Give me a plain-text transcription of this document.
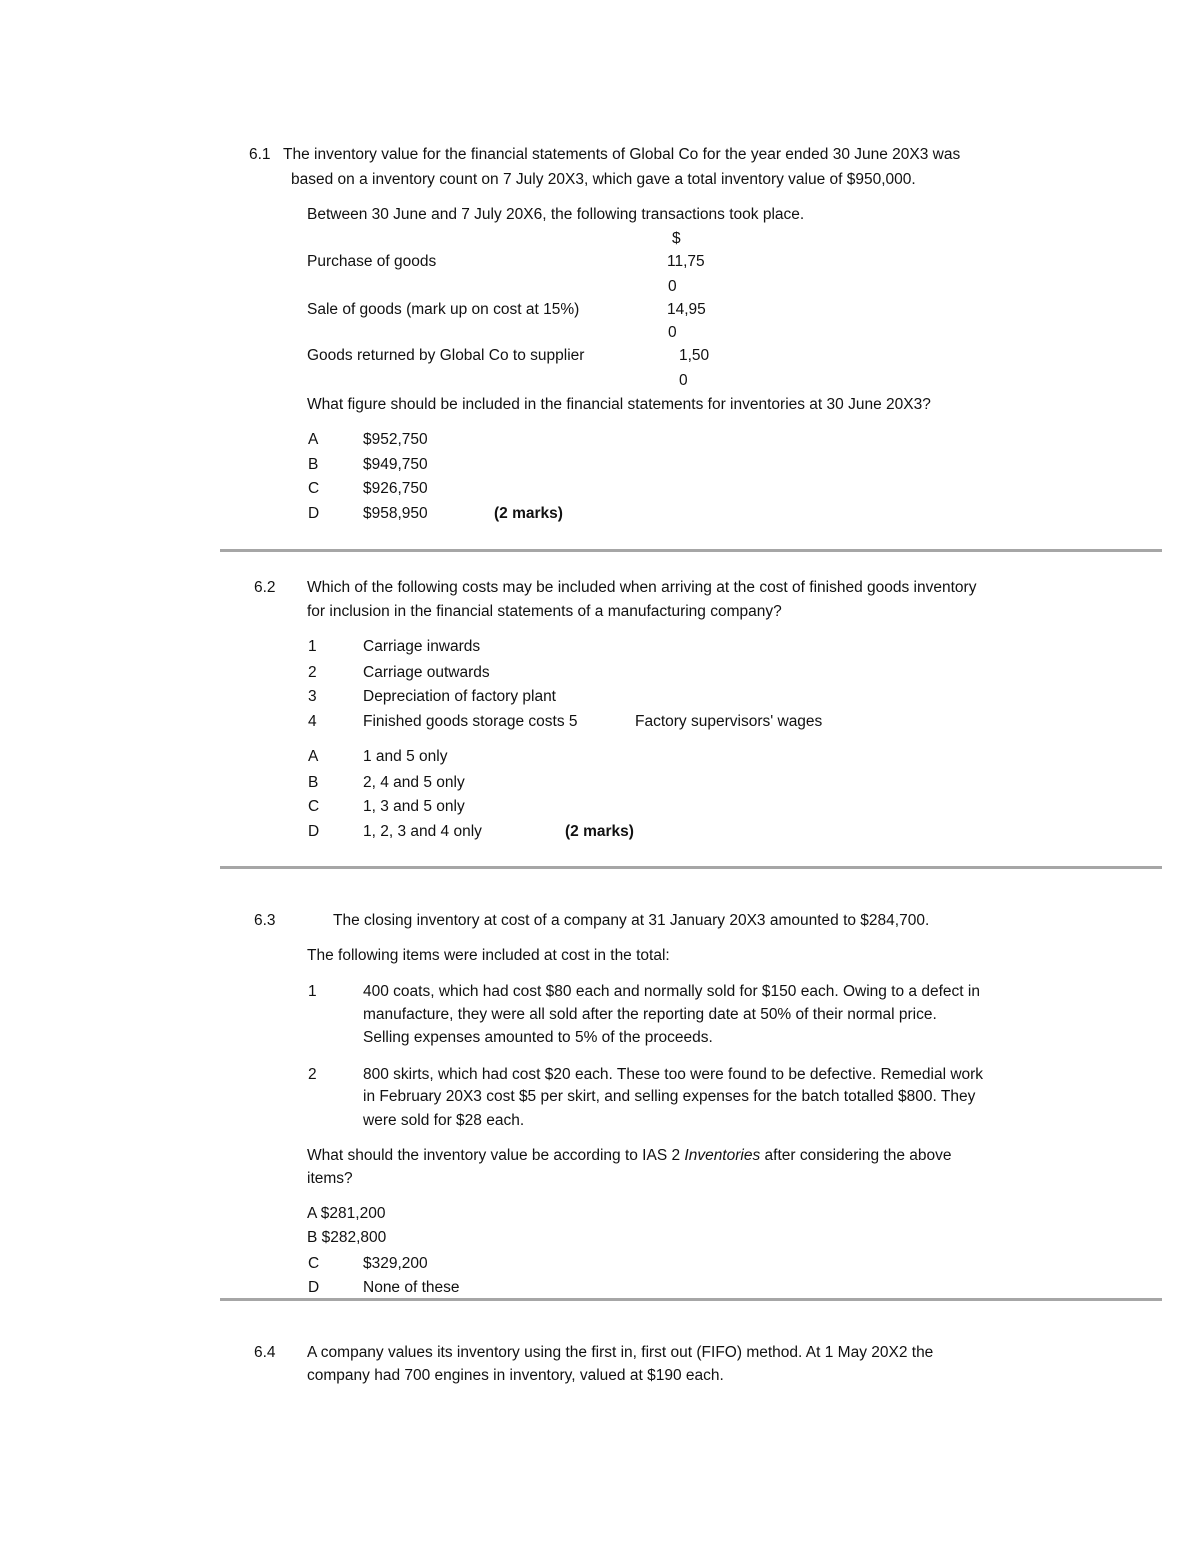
6.1 The inventory value for the financial statements of Global Co for the year ended 30 June 20X3 was
based on a inventory count on 7 July 20X3, which gave a total inventory value of $950,000.
Between 30 June and 7 July 20X6, the following transactions took place.
$
Purchase of goods	11,75
0
Sale of goods (mark up on cost at 15%)	14,95
0
Goods returned by Global Co to supplier	1,50
0
What figure should be included in the financial statements for inventories at 30 June 20X3?
A	$952,750
B	$949,750
C	$926,750
D	$958,950	(2 marks)
6.2 Which of the following costs may be included when arriving at the cost of finished goods inventory
for inclusion in the financial statements of a manufacturing company?
1	Carriage inwards
2	Carriage outwards
3	Depreciation of factory plant
4	Finished goods storage costs 5	Factory supervisors' wages
A	1 and 5 only
B	2, 4 and 5 only
C	1, 3 and 5 only
D	1, 2, 3 and 4 only	(2 marks)
6.3	The closing inventory at cost of a company at 31 January 20X3 amounted to $284,700.
The following items were included at cost in the total:
1	400 coats, which had cost $80 each and normally sold for $150 each. Owing to a defect in
manufacture, they were all sold after the reporting date at 50% of their normal price.
Selling expenses amounted to 5% of the proceeds.
2	800 skirts, which had cost $20 each. These too were found to be defective. Remedial work
in February 20X3 cost $5 per skirt, and selling expenses for the batch totalled $800. They
were sold for $28 each.
What should the inventory value be according to IAS 2 Inventories after considering the above
items?
A $281,200
B $282,800
C	$329,200
D	None of these
6.4 A company values its inventory using the first in, first out (FIFO) method. At 1 May 20X2 the
company had 700 engines in inventory, valued at $190 each.
